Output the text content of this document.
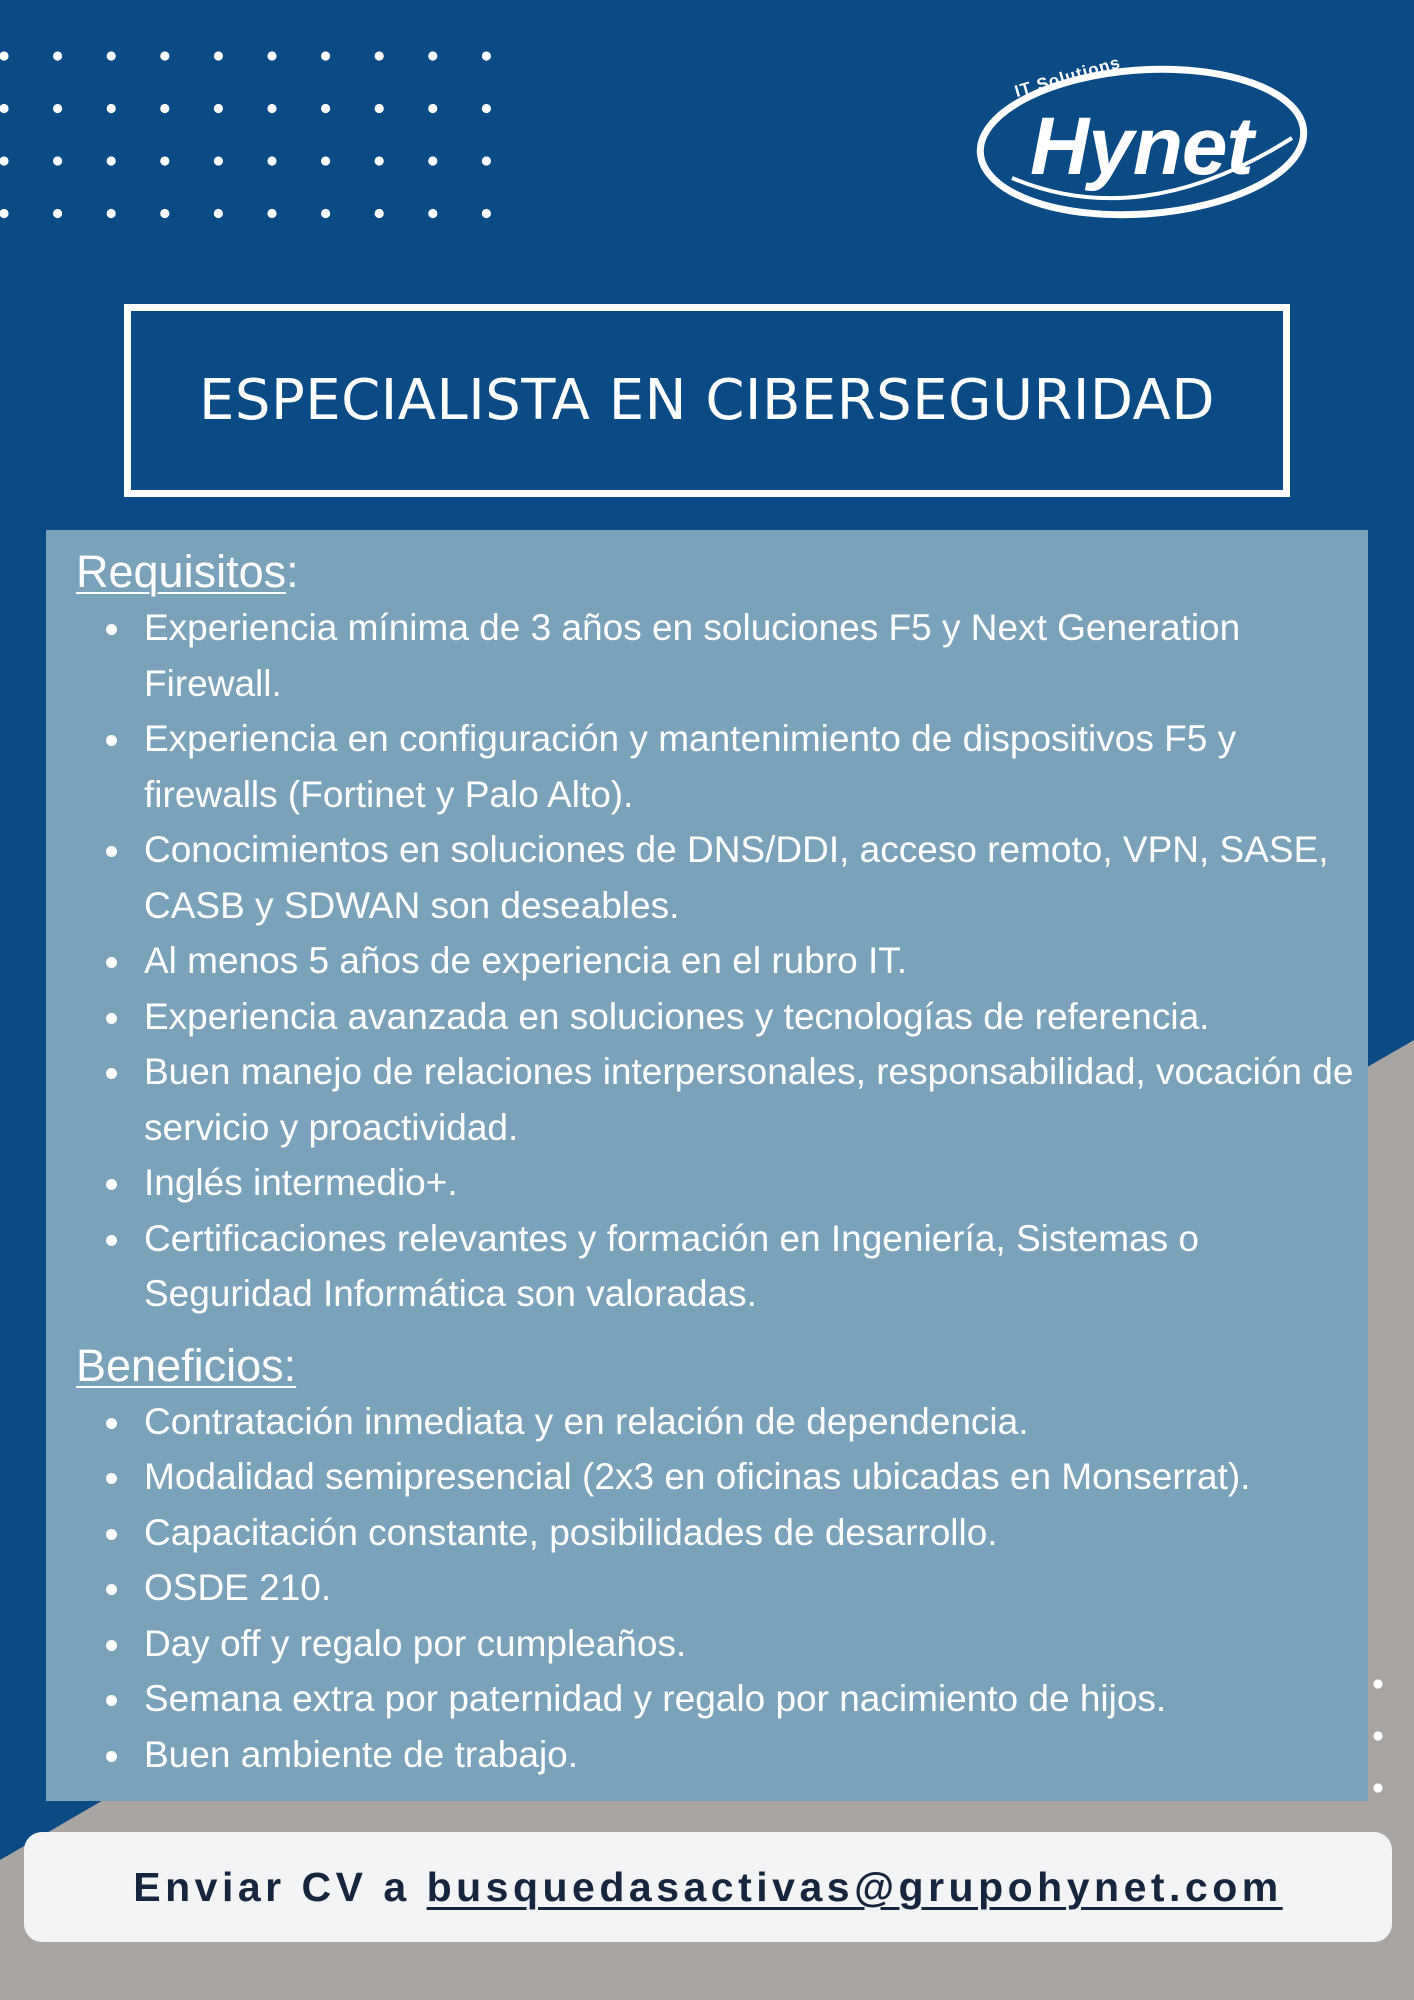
IT Solutions
Hynet
ESPECIALISTA EN CIBERSEGURIDAD
Requisitos:
Experiencia mínima de 3 años en soluciones F5 y Next Generation Firewall.
Experiencia en configuración y mantenimiento de dispositivos F5 y firewalls (Fortinet y Palo Alto).
Conocimientos en soluciones de DNS/DDI, acceso remoto, VPN, SASE, CASB y SDWAN son deseables.
Al menos 5 años de experiencia en el rubro IT.
Experiencia avanzada en soluciones y tecnologías de referencia.
Buen manejo de relaciones interpersonales, responsabilidad, vocación de servicio y proactividad.
Inglés intermedio+.
Certificaciones relevantes y formación en Ingeniería, Sistemas o Seguridad Informática son valoradas.
Beneficios:
Contratación inmediata y en relación de dependencia.
Modalidad semipresencial (2x3 en oficinas ubicadas en Monserrat).
Capacitación constante, posibilidades de desarrollo.
OSDE 210.
Day off y regalo por cumpleaños.
Semana extra por paternidad y regalo por nacimiento de hijos.
Buen ambiente de trabajo.
Enviar CV a
busquedasactivas@grupohynet.com
